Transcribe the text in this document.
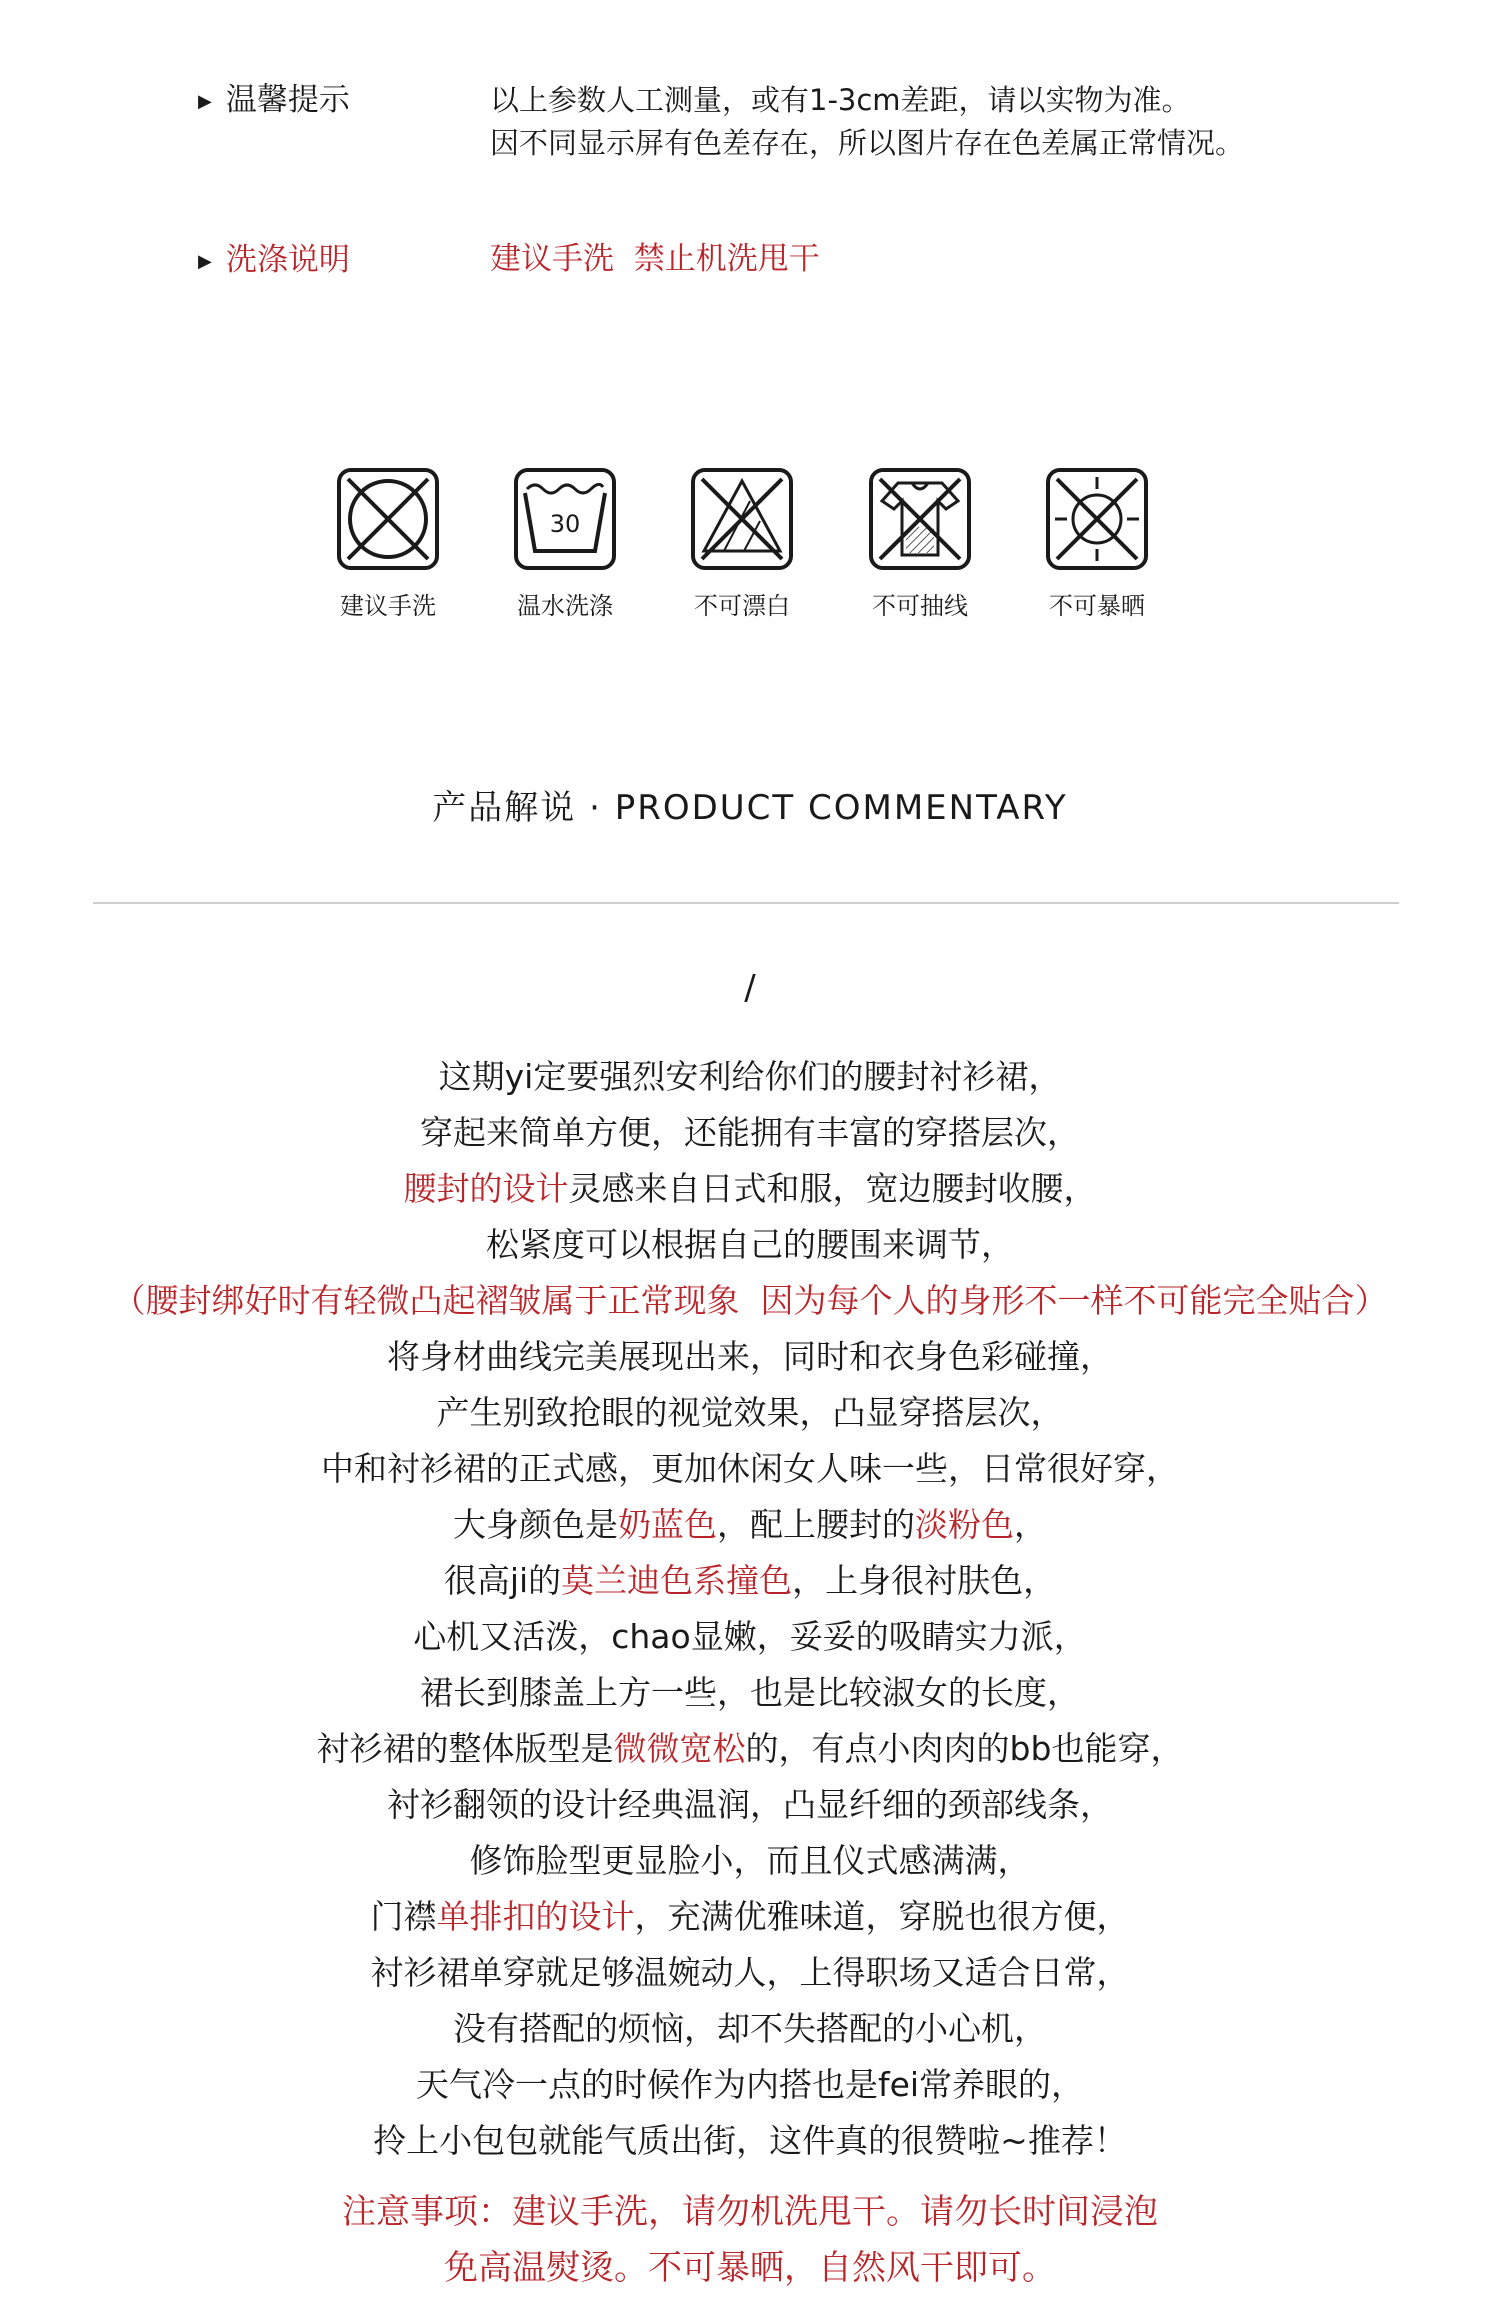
▶ 温馨提示	以上参数人工测量，或有1-3cm差距，请以实物为准。
因不同显示屏有色差存在，所以图片存在色差属正常情况。
▶ 洗涤说明	建议手洗  禁止机洗甩干
建议手洗
30
温水洗涤	不可漂白	不可抽线	不可暴晒
产品解说 · PRODUCT COMMENTARY
/
这期yi定要强烈安利给你们的腰封衬衫裙，
穿起来简单方便，还能拥有丰富的穿搭层次，
腰封的设计灵感来自日式和服，宽边腰封收腰，
松紧度可以根据自己的腰围来调节，
（腰封绑好时有轻微凸起褶皱属于正常现象  因为每个人的身形不一样不可能完全贴合）
将身材曲线完美展现出来，同时和衣身色彩碰撞，
产生别致抢眼的视觉效果，凸显穿搭层次，
中和衬衫裙的正式感，更加休闲女人味一些，日常很好穿，
大身颜色是奶蓝色，配上腰封的淡粉色，
很高ji的莫兰迪色系撞色，上身很衬肤色，
心机又活泼，chao显嫩，妥妥的吸睛实力派，
裙长到膝盖上方一些，也是比较淑女的长度，
衬衫裙的整体版型是微微宽松的，有点小肉肉的bb也能穿，
衬衫翻领的设计经典温润，凸显纤细的颈部线条，
修饰脸型更显脸小，而且仪式感满满，
门襟单排扣的设计，充满优雅味道，穿脱也很方便，
衬衫裙单穿就足够温婉动人，上得职场又适合日常，
没有搭配的烦恼，却不失搭配的小心机，
天气冷一点的时候作为内搭也是fei常养眼的，
拎上小包包就能气质出街，这件真的很赞啦~推荐！
注意事项：建议手洗，请勿机洗甩干。请勿长时间浸泡
免高温熨烫。不可暴晒，自然风干即可。
